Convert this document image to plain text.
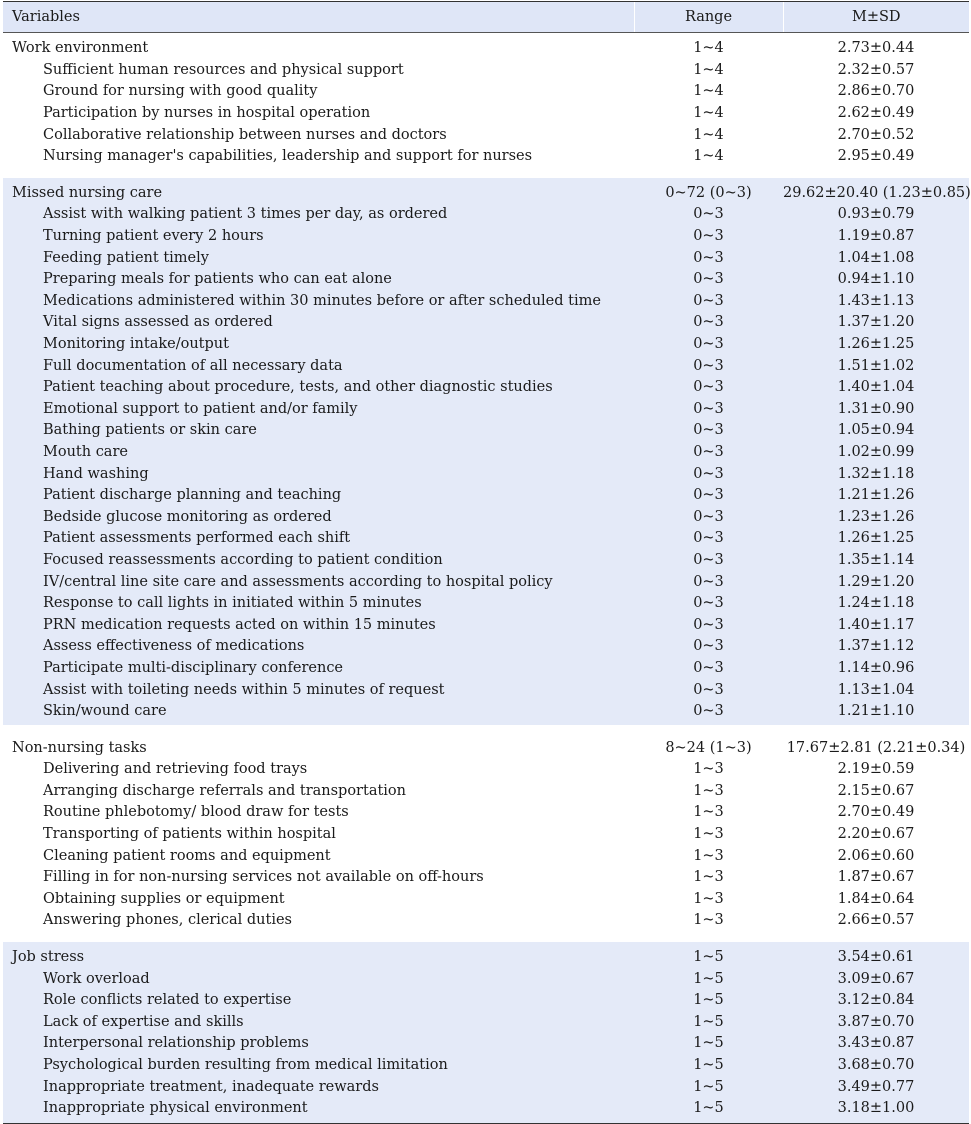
Variables	Range	M±SD
Work environment	1~4	2.73±0.44
Sufficient human resources and physical support	1~4	2.32±0.57
Ground for nursing with good quality	1~4	2.86±0.70
Participation by nurses in hospital operation	1~4	2.62±0.49
Collaborative relationship between nurses and doctors	1~4	2.70±0.52
Nursing manager's capabilities, leadership and support for nurses	1~4	2.95±0.49

Missed nursing care	0~72 (0~3)	29.62±20.40 (1.23±0.85)
Assist with walking patient 3 times per day, as ordered	0~3	0.93±0.79
Turning patient every 2 hours	0~3	1.19±0.87
Feeding patient timely	0~3	1.04±1.08
Preparing meals for patients who can eat alone	0~3	0.94±1.10
Medications administered within 30 minutes before or after scheduled time	0~3	1.43±1.13
Vital signs assessed as ordered	0~3	1.37±1.20
Monitoring intake/output	0~3	1.26±1.25
Full documentation of all necessary data	0~3	1.51±1.02
Patient teaching about procedure, tests, and other diagnostic studies	0~3	1.40±1.04
Emotional support to patient and/or family	0~3	1.31±0.90
Bathing patients or skin care	0~3	1.05±0.94
Mouth care	0~3	1.02±0.99
Hand washing	0~3	1.32±1.18
Patient discharge planning and teaching	0~3	1.21±1.26
Bedside glucose monitoring as ordered	0~3	1.23±1.26
Patient assessments performed each shift	0~3	1.26±1.25
Focused reassessments according to patient condition	0~3	1.35±1.14
IV/central line site care and assessments according to hospital policy	0~3	1.29±1.20
Response to call lights in initiated within 5 minutes	0~3	1.24±1.18
PRN medication requests acted on within 15 minutes	0~3	1.40±1.17
Assess effectiveness of medications	0~3	1.37±1.12
Participate multi-disciplinary conference	0~3	1.14±0.96
Assist with toileting needs within 5 minutes of request	0~3	1.13±1.04
Skin/wound care	0~3	1.21±1.10

Non-nursing tasks	8~24 (1~3)	17.67±2.81 (2.21±0.34)
Delivering and retrieving food trays	1~3	2.19±0.59
Arranging discharge referrals and transportation	1~3	2.15±0.67
Routine phlebotomy/ blood draw for tests	1~3	2.70±0.49
Transporting of patients within hospital	1~3	2.20±0.67
Cleaning patient rooms and equipment	1~3	2.06±0.60
Filling in for non-nursing services not available on off-hours	1~3	1.87±0.67
Obtaining supplies or equipment	1~3	1.84±0.64
Answering phones, clerical duties	1~3	2.66±0.57

Job stress	1~5	3.54±0.61
Work overload	1~5	3.09±0.67
Role conflicts related to expertise	1~5	3.12±0.84
Lack of expertise and skills	1~5	3.87±0.70
Interpersonal relationship problems	1~5	3.43±0.87
Psychological burden resulting from medical limitation	1~5	3.68±0.70
Inappropriate treatment, inadequate rewards	1~5	3.49±0.77
Inappropriate physical environment	1~5	3.18±1.00
